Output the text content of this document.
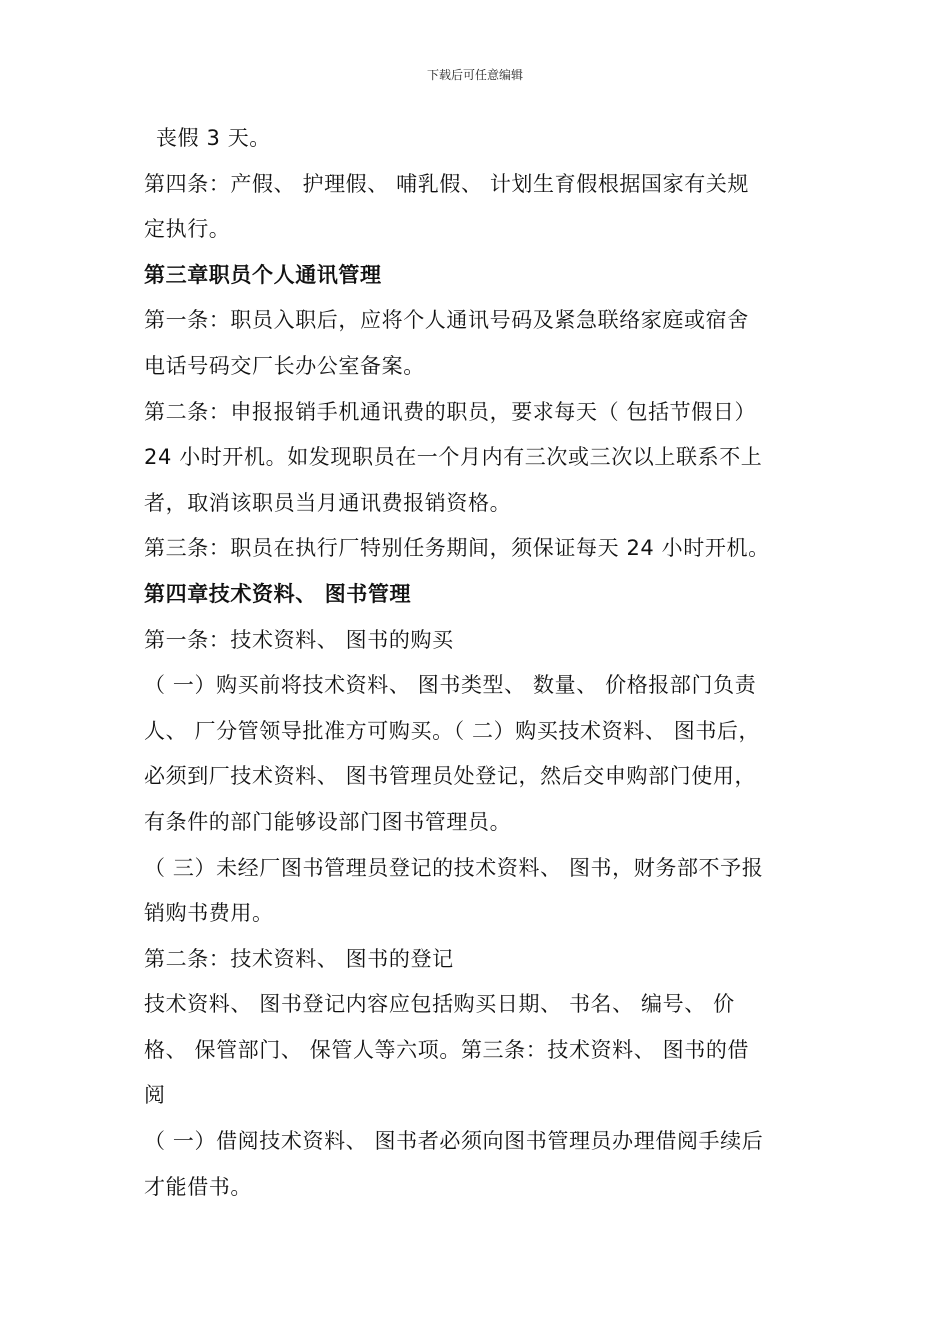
下载后可任意编辑
丧假 3 天。
第四条：产假、 护理假、 哺乳假、 计划生育假根据国家有关规
定执行。
第三章职员个人通讯管理
第一条：职员入职后，应将个人通讯号码及紧急联络家庭或宿舍
电话号码交厂长办公室备案。
第二条：申报报销手机通讯费的职员，要求每天（ 包括节假日）
24 小时开机。如发现职员在一个月内有三次或三次以上联系不上
者，取消该职员当月通讯费报销资格。
第三条：职员在执行厂特别任务期间，须保证每天 24 小时开机。
第四章技术资料、 图书管理
第一条：技术资料、 图书的购买
（ 一）购买前将技术资料、 图书类型、 数量、 价格报部门负责
人、 厂分管领导批准方可购买。（ 二）购买技术资料、 图书后，
必须到厂技术资料、 图书管理员处登记，然后交申购部门使用，
有条件的部门能够设部门图书管理员。
（ 三）未经厂图书管理员登记的技术资料、 图书，财务部不予报
销购书费用。
第二条：技术资料、 图书的登记
技术资料、 图书登记内容应包括购买日期、 书名、 编号、 价
格、 保管部门、 保管人等六项。第三条：技术资料、 图书的借
阅
（ 一）借阅技术资料、 图书者必须向图书管理员办理借阅手续后
才能借书。
